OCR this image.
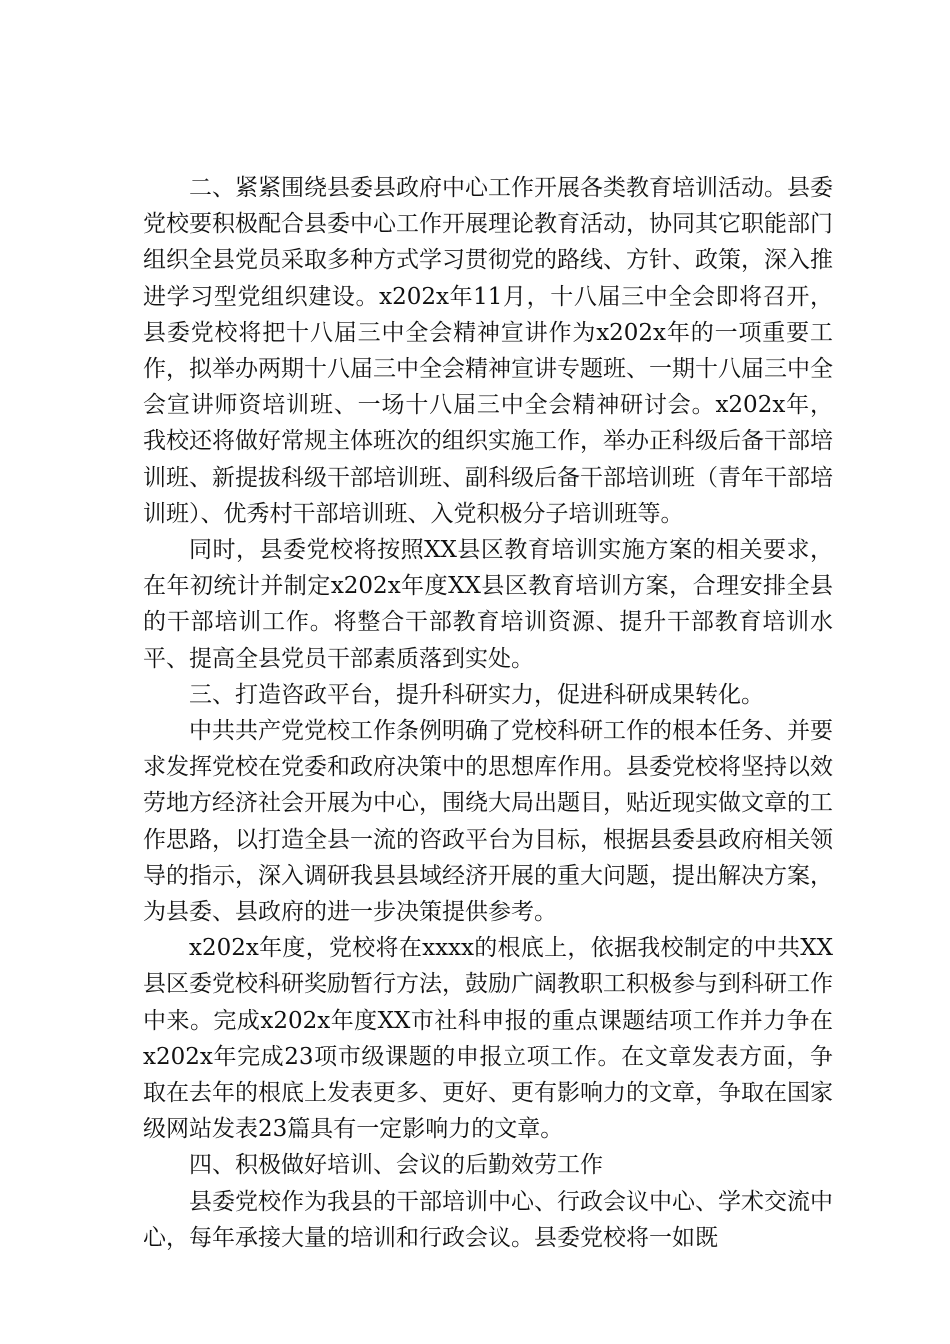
二、紧紧围绕县委县政府中心工作开展各类教育培训活动。县委党校要积极配合县委中心工作开展理论教育活动，协同其它职能部门组织全县党员采取多种方式学习贯彻党的路线、方针、政策，深入推进学习型党组织建设。x202x年11月，十八届三中全会即将召开，县委党校将把十八届三中全会精神宣讲作为x202x年的一项重要工作，拟举办两期十八届三中全会精神宣讲专题班、一期十八届三中全会宣讲师资培训班、一场十八届三中全会精神研讨会。x202x年，我校还将做好常规主体班次的组织实施工作，举办正科级后备干部培训班、新提拔科级干部培训班、副科级后备干部培训班（青年干部培训班）、优秀村干部培训班、入党积极分子培训班等。

同时，县委党校将按照XX县区教育培训实施方案的相关要求，在年初统计并制定x202x年度XX县区教育培训方案，合理安排全县的干部培训工作。将整合干部教育培训资源、提升干部教育培训水平、提高全县党员干部素质落到实处。

三、打造咨政平台，提升科研实力，促进科研成果转化。

中共共产党党校工作条例明确了党校科研工作的根本任务、并要求发挥党校在党委和政府决策中的思想库作用。县委党校将坚持以效劳地方经济社会开展为中心，围绕大局出题目，贴近现实做文章的工作思路，以打造全县一流的咨政平台为目标，根据县委县政府相关领导的指示，深入调研我县县域经济开展的重大问题，提出解决方案，为县委、县政府的进一步决策提供参考。

x202x年度，党校将在xxxx的根底上，依据我校制定的中共XX县区委党校科研奖励暂行方法，鼓励广阔教职工积极参与到科研工作中来。完成x202x年度XX市社科申报的重点课题结项工作并力争在x202x年完成23项市级课题的申报立项工作。在文章发表方面，争取在去年的根底上发表更多、更好、更有影响力的文章，争取在国家级网站发表23篇具有一定影响力的文章。

四、积极做好培训、会议的后勤效劳工作

县委党校作为我县的干部培训中心、行政会议中心、学术交流中心，每年承接大量的培训和行政会议。县委党校将一如既
